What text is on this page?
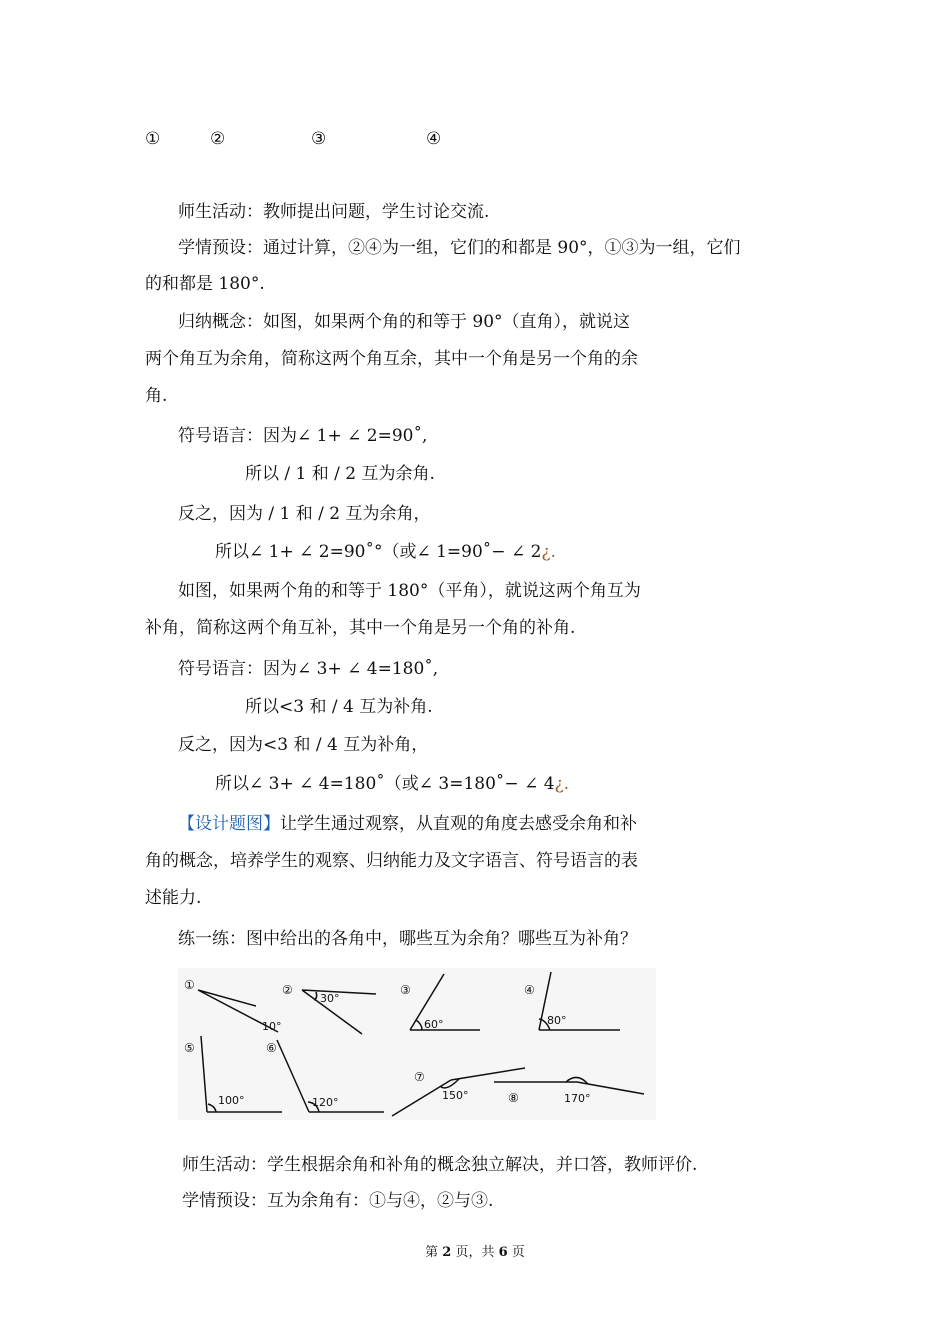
①	②	③	④
师生活动：教师提出问题，学生讨论交流.
学情预设：通过计算，②④为一组，它们的和都是 90°，①③为一组，它们
的和都是 180°.
归纳概念：如图，如果两个角的和等于 90°（直角），就说这
两个角互为余角，简称这两个角互余，其中一个角是另一个角的余
角.
符号语言：因为∠ 1+ ∠ 2=90˚,
所以 / 1 和 / 2 互为余角.
反之，因为 / 1 和 / 2 互为余角，
所以∠ 1+ ∠ 2=90˚°（或∠ 1=90˚− ∠ 2¿.
如图，如果两个角的和等于 180°（平角），就说这两个角互为
补角，简称这两个角互补，其中一个角是另一个角的补角.
符号语言：因为∠ 3+ ∠ 4=180˚,
所以<3 和 / 4 互为补角.
反之，因为<3 和 / 4 互为补角，
所以∠ 3+ ∠ 4=180˚（或∠ 3=180˚− ∠ 4¿.
【设计题图】让学生通过观察，从直观的角度去感受余角和补
角的概念，培养学生的观察、归纳能力及文字语言、符号语言的表
述能力.
练一练：图中给出的各角中，哪些互为余角？哪些互为补角？
①
10°
②
30°
③
60°
④
80°
⑤
100°
⑥
120°
⑦
150°	⑧	170°
师生活动：学生根据余角和补角的概念独立解决，并口答，教师评价.
学情预设：互为余角有：①与④，②与③.
第 2 页，共 6 页
